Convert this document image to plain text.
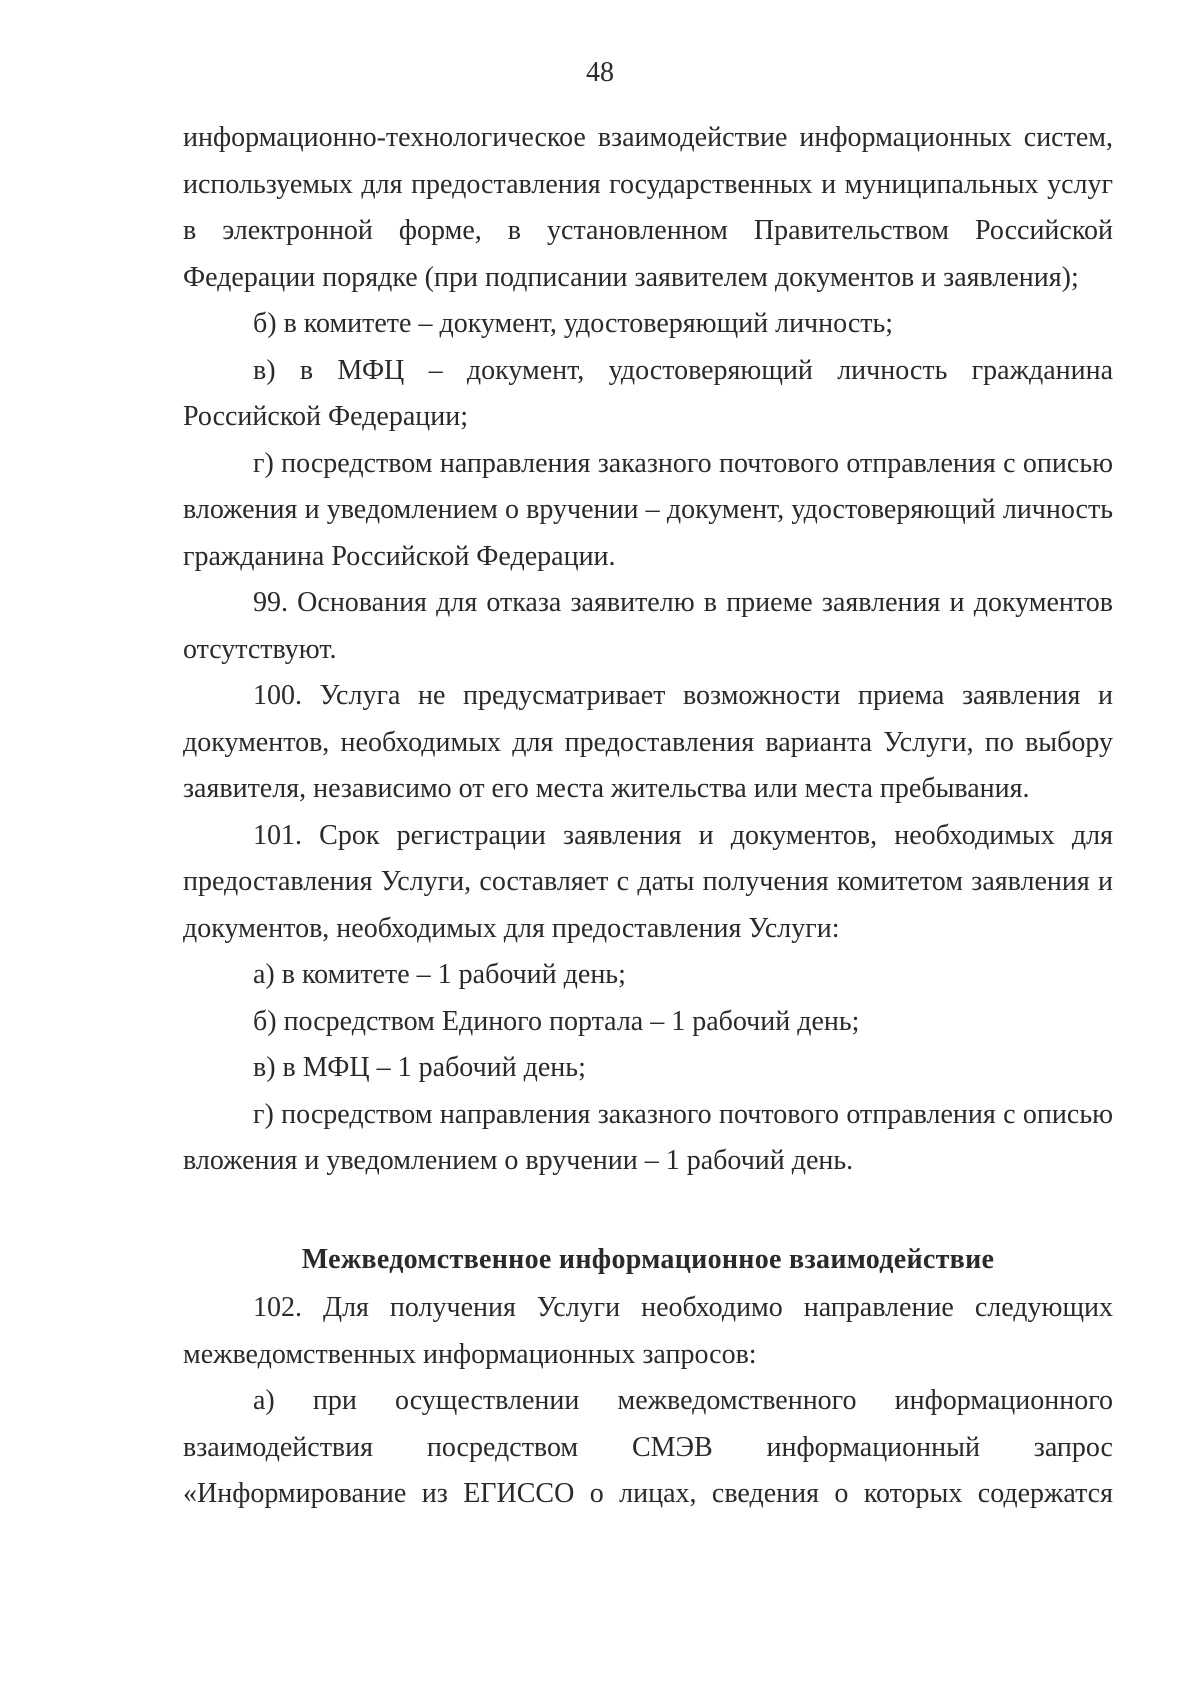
48

информационно-технологическое взаимодействие информационных систем, используемых для предоставления государственных и муниципальных услуг в электронной форме, в установленном Правительством Российской Федерации порядке (при подписании заявителем документов и заявления);

б) в комитете – документ, удостоверяющий личность;

в) в МФЦ – документ, удостоверяющий личность гражданина Российской Федерации;

г) посредством направления заказного почтового отправления с описью вложения и уведомлением о вручении – документ, удостоверяющий личность гражданина Российской Федерации.

99. Основания для отказа заявителю в приеме заявления и документов отсутствуют.

100. Услуга не предусматривает возможности приема заявления и документов, необходимых для предоставления варианта Услуги, по выбору заявителя, независимо от его места жительства или места пребывания.

101. Срок регистрации заявления и документов, необходимых для предоставления Услуги, составляет с даты получения комитетом заявления и документов, необходимых для предоставления Услуги:

а) в комитете – 1 рабочий день;

б) посредством Единого портала – 1 рабочий день;

в) в МФЦ – 1 рабочий день;

г) посредством направления заказного почтового отправления с описью вложения и уведомлением о вручении – 1 рабочий день.

Межведомственное информационное взаимодействие

102. Для получения Услуги необходимо направление следующих межведомственных информационных запросов:

а) при осуществлении межведомственного информационного взаимодействия посредством СМЭВ информационный запрос «Информирование из ЕГИССО о лицах, сведения о которых содержатся
